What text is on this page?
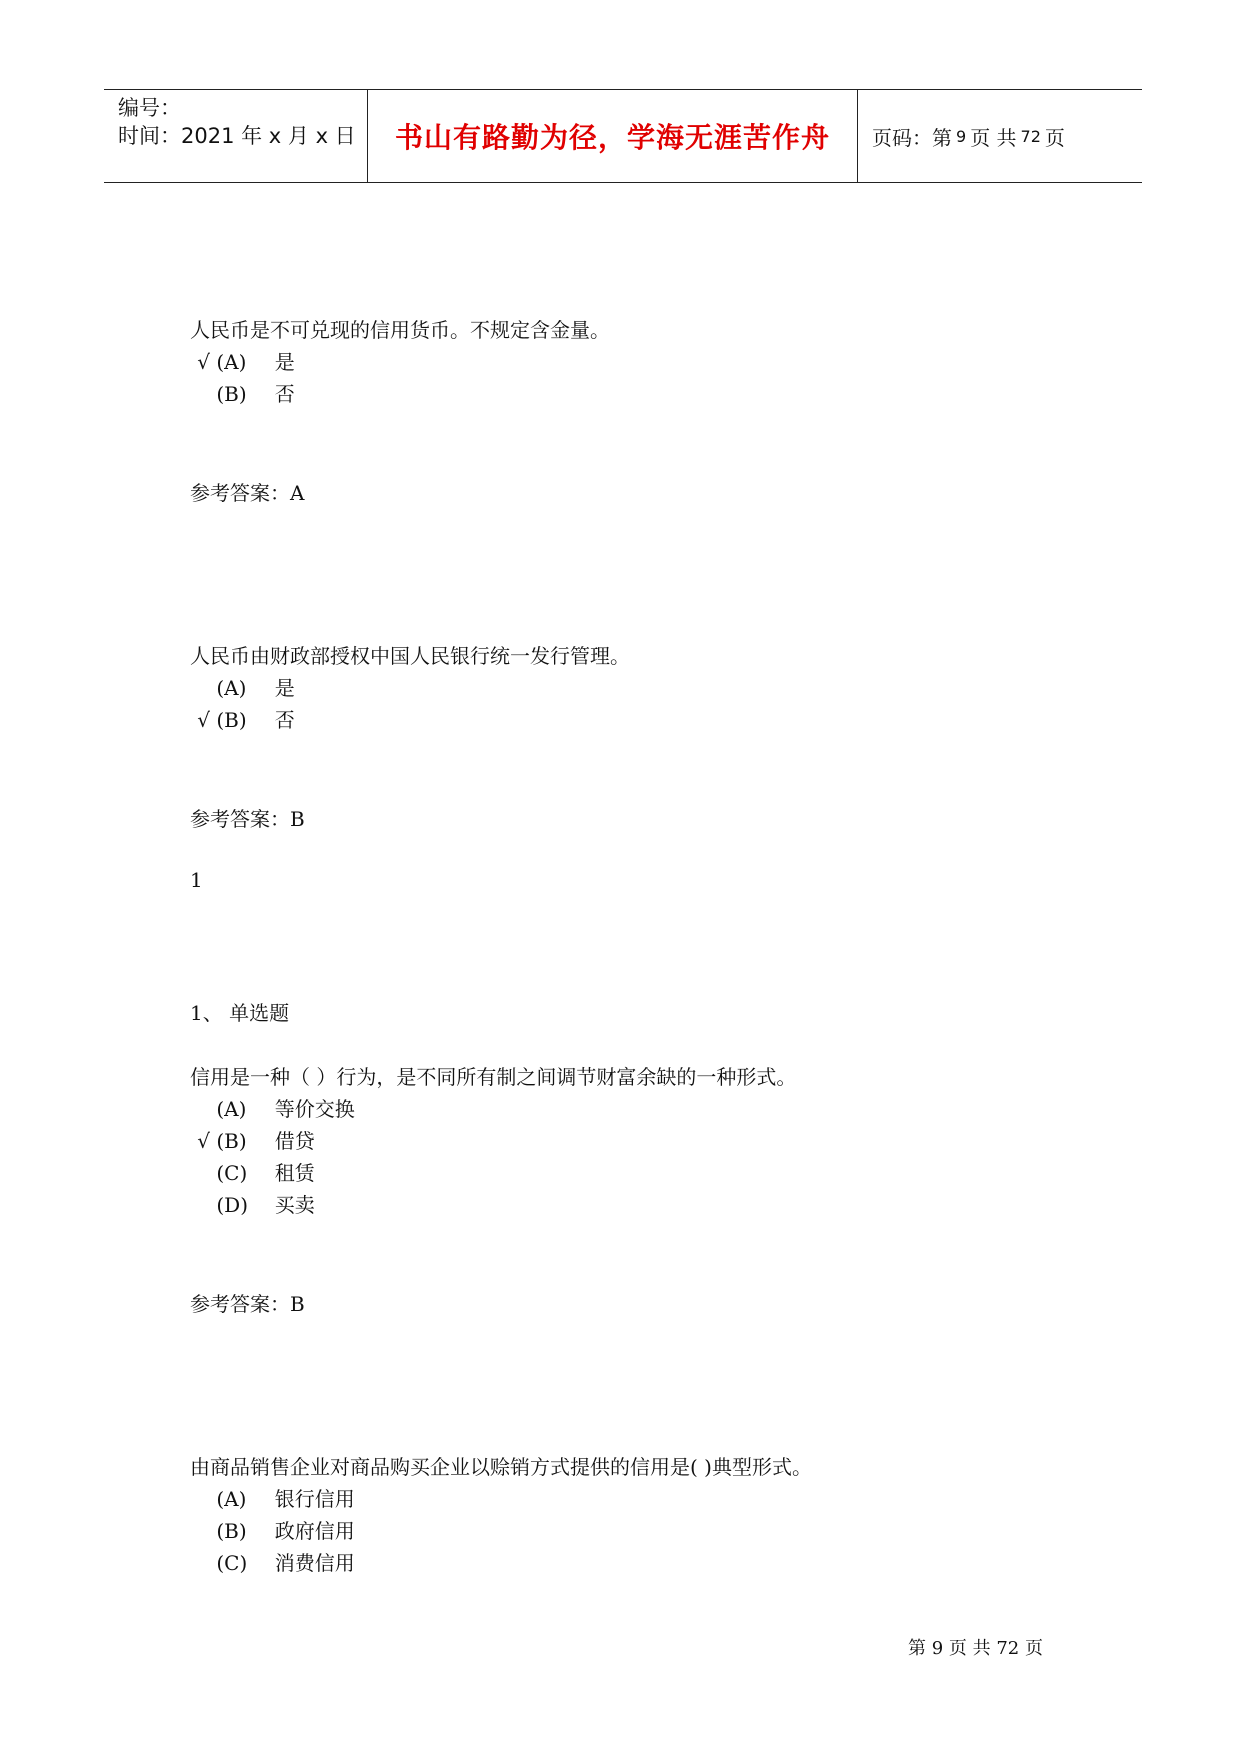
编号：
时间：2021 年 x 月 x 日 书山有路勤为径，学海无涯苦作舟 页码：第 9 页 共 72 页
人民币是不可兑现的信用货币。不规定含金量。
√ (A) 是
(B) 否
参考答案：A
人民币由财政部授权中国人民银行统一发行管理。
(A) 是
√ (B) 否
参考答案：B
1
1、 单选题
信用是一种（ ）行为，是不同所有制之间调节财富余缺的一种形式。
(A) 等价交换
√ (B) 借贷
(C) 租赁
(D) 买卖
参考答案：B
由商品销售企业对商品购买企业以赊销方式提供的信用是( )典型形式。
(A) 银行信用
(B) 政府信用
(C) 消费信用
第 9 页 共 72 页
